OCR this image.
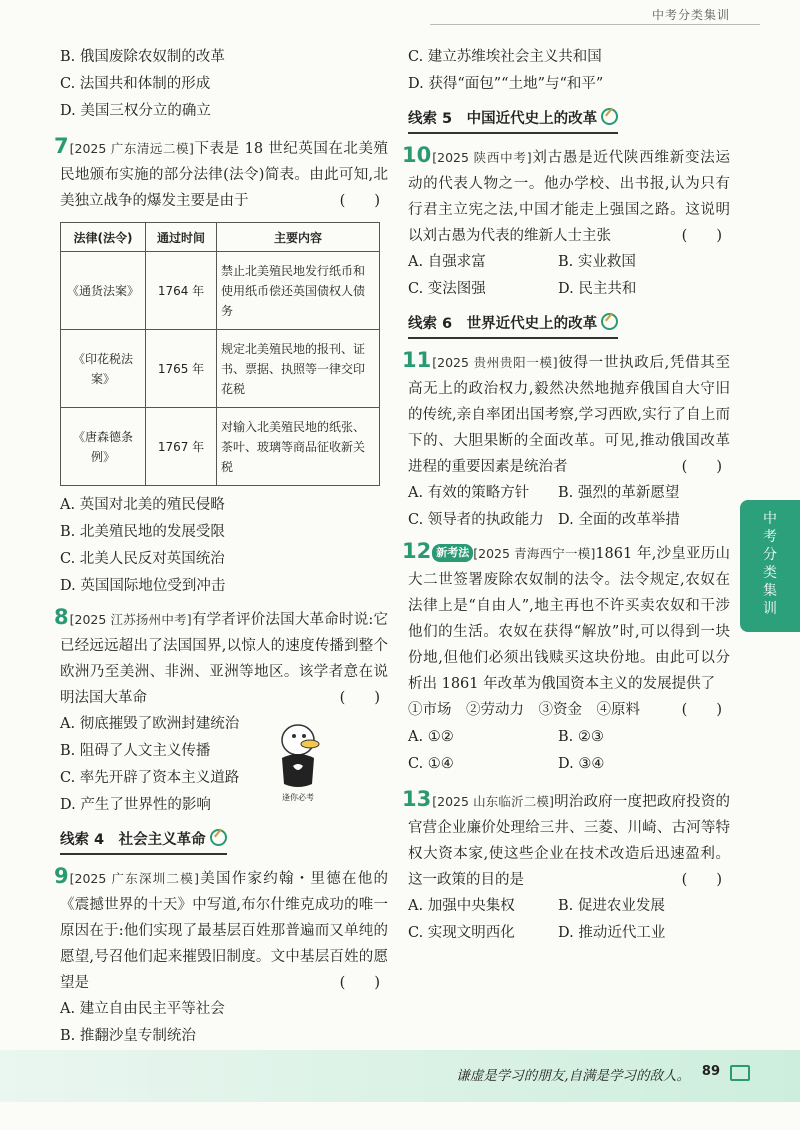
中考分类集训

B. 俄国废除农奴制的改革

C. 法国共和体制的形成

D. 美国三权分立的确立

7[2025 广东清远二模]下表是 18 世纪英国在北美殖民地颁布实施的部分法律(法令)简表。由此可知,北美独立战争的爆发主要是由于	(　　)

法律(法令)	通过时间	主要内容
《通货法案》	1764 年	禁止北美殖民地发行纸币和使用纸币偿还英国债权人债务
《印花税法案》	1765 年	规定北美殖民地的报刊、证书、票据、执照等一律交印花税
《唐森德条例》	1767 年	对输入北美殖民地的纸张、茶叶、玻璃等商品征收新关税

A. 英国对北美的殖民侵略

B. 北美殖民地的发展受限

C. 北美人民反对英国统治

D. 英国国际地位受到冲击

8[2025 江苏扬州中考]有学者评价法国大革命时说:它已经远远超出了法国国界,以惊人的速度传播到整个欧洲乃至美洲、非洲、亚洲等地区。该学者意在说明法国大革命	(　　)

A. 彻底摧毁了欧洲封建统治

B. 阻碍了人文主义传播

C. 率先开辟了资本主义道路

D. 产生了世界性的影响

线索 4　社会主义革命

9[2025 广东深圳二模]美国作家约翰・里德在他的《震撼世界的十天》中写道,布尔什维克成功的唯一原因在于:他们实现了最基层百姓那普遍而又单纯的愿望,号召他们起来摧毁旧制度。文中基层百姓的愿望是	(　　)

A. 建立自由民主平等社会

B. 推翻沙皇专制统治

逢你必考

C. 建立苏维埃社会主义共和国

D. 获得“面包”“土地”与“和平”

线索 5　中国近代史上的改革

10[2025 陕西中考]刘古愚是近代陕西维新变法运动的代表人物之一。他办学校、出书报,认为只有行君主立宪之法,中国才能走上强国之路。这说明以刘古愚为代表的维新人士主张	(　　)

A. 自强求富	B. 实业救国
C. 变法图强	D. 民主共和
线索 6　世界近代史上的改革

11[2025 贵州贵阳一模]彼得一世执政后,凭借其至高无上的政治权力,毅然决然地抛弃俄国自大守旧的传统,亲自率团出国考察,学习西欧,实行了自上而下的、大胆果断的全面改革。可见,推动俄国改革进程的重要因素是统治者	(　　)

A. 有效的策略方针	B. 强烈的革新愿望
C. 领导者的执政能力 D. 全面的改革举措

12 新考法 [2025 青海西宁一模]1861 年,沙皇亚历山大二世签署废除农奴制的法令。法令规定,农奴在法律上是“自由人”,地主再也不许买卖农奴和干涉他们的生活。农奴在获得“解放”时,可以得到一块份地,但他们必须出钱赎买这块份地。由此可以分析出 1861 年改革为俄国资本主义的发展提供了
(　　)

①市场　②劳动力　③资金　④原料

A. ①②	B. ②③
C. ①④	D. ③④

13[2025 山东临沂二模]明治政府一度把政府投资的官营企业廉价处理给三井、三菱、川崎、古河等特权大资本家,使这些企业在技术改造后迅速盈利。这一政策的目的是	(　　)

A. 加强中央集权	B. 促进农业发展
C. 实现文明西化	D. 推动近代工业
中考分类集训
谦虚是学习的朋友,自满是学习的敌人。 89
